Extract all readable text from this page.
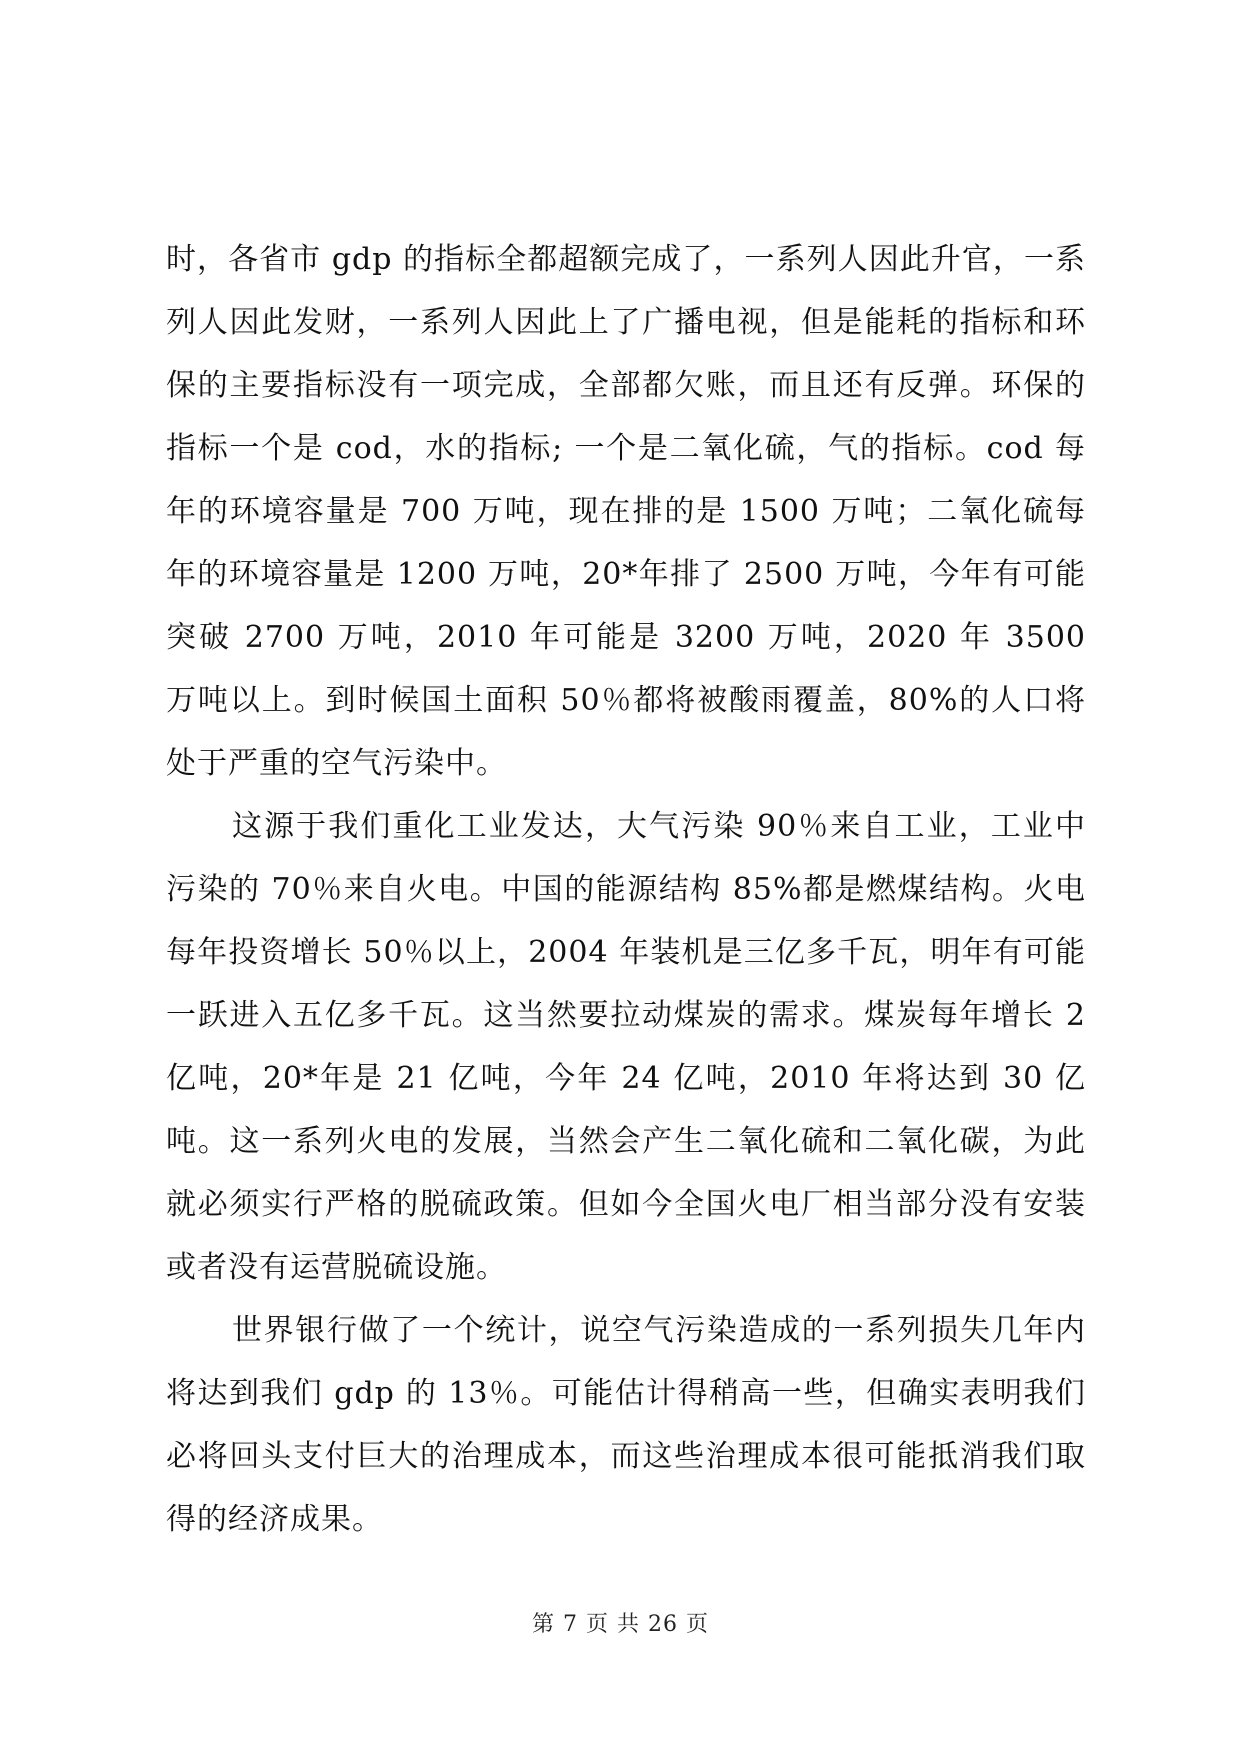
时，各省市 gdp 的指标全都超额完成了，一系列人因此升官，一系列人因此发财，一系列人因此上了广播电视，但是能耗的指标和环保的主要指标没有一项完成，全部都欠账，而且还有反弹。环保的指标一个是 cod，水的指标; 一个是二氧化硫，气的指标。cod 每年的环境容量是 700 万吨，现在排的是 1500 万吨；二氧化硫每年的环境容量是 1200 万吨，20*年排了 2500 万吨，今年有可能突破 2700 万吨，2010 年可能是 3200 万吨，2020 年 3500 万吨以上。到时候国土面积 50％都将被酸雨覆盖，80%的人口将处于严重的空气污染中。

这源于我们重化工业发达，大气污染 90％来自工业，工业中污染的 70％来自火电。中国的能源结构 85%都是燃煤结构。火电每年投资增长 50％以上，2004 年装机是三亿多千瓦，明年有可能一跃进入五亿多千瓦。这当然要拉动煤炭的需求。煤炭每年增长 2 亿吨，20*年是 21 亿吨，今年 24 亿吨，2010 年将达到 30 亿吨。这一系列火电的发展，当然会产生二氧化硫和二氧化碳，为此就必须实行严格的脱硫政策。但如今全国火电厂相当部分没有安装或者没有运营脱硫设施。

世界银行做了一个统计，说空气污染造成的一系列损失几年内将达到我们 gdp 的 13％。可能估计得稍高一些，但确实表明我们必将回头支付巨大的治理成本，而这些治理成本很可能抵消我们取得的经济成果。

第 7 页 共 26 页
